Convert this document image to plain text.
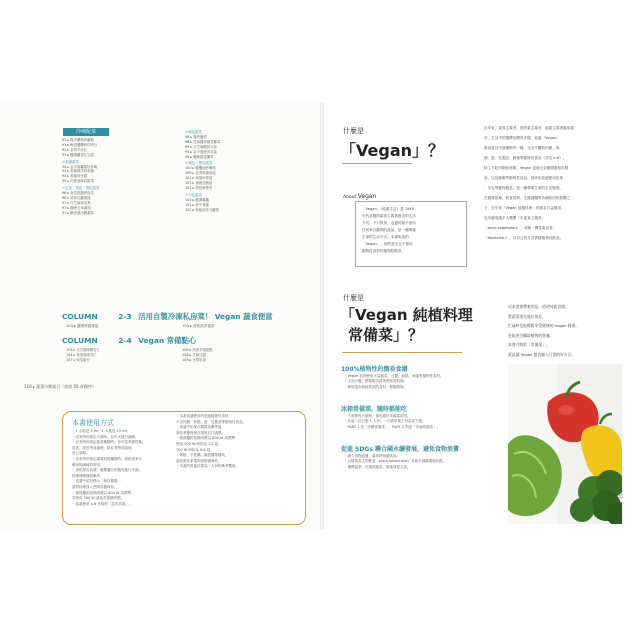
冷凍配菜
92 ▸ 義式蘑菇炒蘑菇
92 ▸ 梅香醬攤炒四季豆
92 ▸ 金黃芋沙拉
93 ▸ 醬燒蘿蔔紅豆腐
＊乾燥蔬菜
94 ▸ 金平風蘿蔔炒彩椒
94 ▸ 青椒佛手炒彩椒
94 ▸ 和風炒豆腐
95 ▸ 印度風味拌蔬菜
＊紅色・黃色・橙色蔬菜
96 ▸ 南瓜泥醬烤南瓜
96 ▸ 涼拌紅蘿蔔絲
97 ▸ 白芝麻南瓜煮
97 ▸ 咖哩玉米番茄
97 ▸ 嫩煮漬冰糖蕃茄
＊綠色蔬菜
98 ▸ 醬煮蘆筍
98 ▸ 芝麻醬拌綠花椰菜
99 ▸ 白芝麻醋拌豆苗
99 ▸ 金平風炒青花菜
99 ▸ 鹽味綠花椰菜
＊褐色・黑色蔬菜
100 ▸ 橄欖油炒舞菇
100 ▸ 蒜香炒鴻喜菇
101 ▸ 和風炒香菇
101 ▸ 薑燒杏鮑菇
101 ▸ 清炒海帶芽
＊白色蔬菜
102 ▸ 醋漬蓮藕
102 ▸ 炒牛蒡絲
102 ▸ 和風涼拌白蘿蔔
COLUMN	2-3 活用自製冷凍私房菜！ Vegan 蔬食便當
103 ▸ 醬燒時蔬便當	103 ▸ 香煎蔬菜便當
COLUMN	2-4 Vegan 常備點心
104 ▸ 日式風味燉杏仁
104 ▸ 抹茶風味杏仁
107 ▸ 南瓜蜜豆
108 ▸ 蒸煮芋頭甜點
108 ▸ 芝麻豆腐
109 ▸ 豆漿奶凍
110 ▸ 蔬菜分類索引（依照 50 音順序）
本書使用方式
・1 小匙是 5 ml、1 大匙是 15 ml。
・沒有特別指定火候時，以中火進行調理。
・沒有特別指定蔬菜種類時，亦可依季節替換。
清洗、削皮等前處理，除非有特別說明，
皆已省略。
・沒有特別指定調味料的種類時，請使用家中
慣用的調味料即可。
・請依照各食譜，選擇適合的器具進行烹調，
料理時間僅供參考。
・食譜中若有標示「保存期限」，
請將料理放入密閉容器保存。
・微波爐的加熱時間以 600 W 為標準，
若使用 500 W 請延長加熱時間。
・高湯使用 p.8 介紹的「昆布高湯」。
・本書食譜使用的是純植物性食材，
不含肉類、魚類、蛋、乳製品等動物性食品。
・食譜中的保存期限為參考值，
請依季節與保存環境自行調整。
・微波爐的加熱時間以 600 W 為標準，
使用 500 W 時約為 1.2 倍、
700 W 時約為 0.8 倍。
・烤箱、平底鍋、微波爐等器具，
請依照各家電的說明書操作。
・本書的營養計算為一人份的參考數值。
什麼是
「Vegan」？
About Vegan
「Vegan」（純素生活）是 1940
年代英國的素食主義者提出的生活
方式。不只飲食，也盡可能不使用
任何來自動物的產品，是一種尊重
生命的生活方式。本書所說的
「Vegan」，指的是完全不使用
動物性食材的植物性飲食。
近年來，素食主義者、蛋奶素主義者、純素主義者越來越
多，生活中的選擇也變得多樣。純素（Vegan）
飲食是其中最嚴格的一種，完全不攝取肉類、魚
類、蛋、乳製品、蜂蜜等動物性食品（詳見 p.6）。
除了不吃肉類和魚類，Vegan 也會完全避開蛋和乳製
品，以及蜂蜜等動物性食品；同時也拒絕使用皮革
、羊毛等動物製品，是一種尊重生命的生活態度。
在健康管理、飲食控制、生態議題等各種原因的影響之
下，近年來「Vegan 純植料理」的需求日益增加，
也有越來越多人選擇「半素食主義者」
（semi-vegetarian）、或稱「彈性素食者」
（flexitarian），以自己的方式實踐植物性飲食。
什麼是
「Vegan 純植料理
常備菜」？
這本書要帶來的是一道道純素食譜。
將蔬菜事先做好保存，
忙碌時也能輕鬆享受健康的 Vegan 料理，
更能充分攝取植物的營養。
本書介紹的「常備菜」，
就是讓 Vegan 飲食融入日常的好方法。
100%植物性的簡易食譜
・Vegan 料理使用大量蔬菜、豆類、菇類、海藻等植物性食材。
・少油少鹽，輕鬆做出清爽美味的料理。
・使用超市就能買到的食材，輕鬆開始。
冰箱常備菜，隨時都能吃
・不需要每天做飯，事先做好常備菜即可。
・比起一次只做 1 人份，一次做好幾天份量更方便。
・PART 1 是「冷藏常備菜」，PART 2 則是「冷凍常備菜」。
促進 SDGs 聯合國永續發展，避免食物浪費
・減少食物浪費，讓食材物盡其用。
・以植物為主的飲食（plant-based diet）有助於減緩環境負擔。
・選擇當季、在地的蔬菜，對地球更友善。
007
